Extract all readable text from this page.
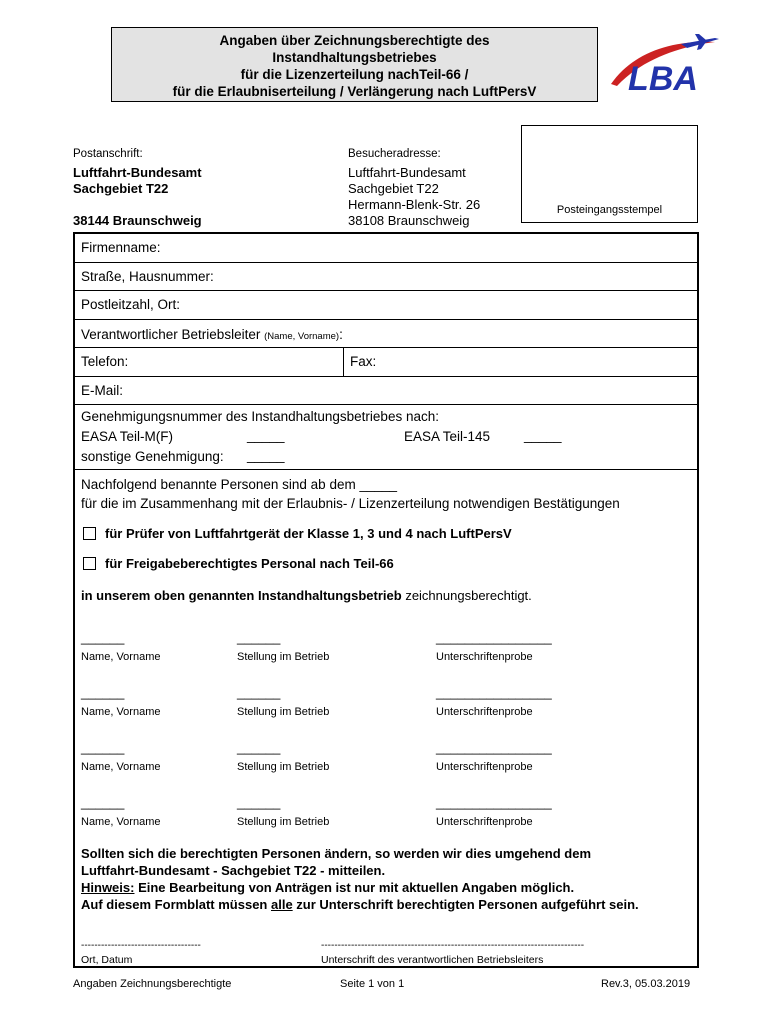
Angaben über Zeichnungsberechtigte des
Instandhaltungsbetriebes
für die Lizenzerteilung nachTeil-66 /
für die Erlaubniserteilung / Verlängerung nach LuftPersV	LBA
Postanschrift:
Luftfahrt-Bundesamt
Sachgebiet T22
38144 Braunschweig
Besucheradresse:
Luftfahrt-Bundesamt
Sachgebiet T22
Hermann-Blenk-Str. 26
38108 Braunschweig
Posteingangsstempel
Firmenname:
Straße, Hausnummer:
Postleitzahl, Ort:
Verantwortlicher Betriebsleiter (Name, Vorname):
Telefon:	Fax:
E-Mail:
Genehmigungsnummer des Instandhaltungsbetriebes nach:
EASA Teil-M(F)	_____	EASA Teil-145	_____
sonstige Genehmigung: _____
Nachfolgend benannte Personen sind ab dem _____
für die im Zusammenhang mit der Erlaubnis- / Lizenzerteilung notwendigen Bestätigungen
für Prüfer von Luftfahrtgerät der Klasse 1, 3 und 4 nach LuftPersV
für Freigabeberechtigtes Personal nach Teil-66
in unserem oben genannten Instandhaltungsbetrieb zeichnungsberechtigt.
______	______	________________
Name, Vorname	Stellung im Betrieb	Unterschriftenprobe
______	______	________________
Name, Vorname	Stellung im Betrieb	Unterschriftenprobe
______	______	________________
Name, Vorname	Stellung im Betrieb	Unterschriftenprobe
______	______	________________
Name, Vorname	Stellung im Betrieb	Unterschriftenprobe
Sollten sich die berechtigten Personen ändern, so werden wir dies umgehend dem
Luftfahrt-Bundesamt - Sachgebiet T22 - mitteilen.
Hinweis: Eine Bearbeitung von Anträgen ist nur mit aktuellen Angaben möglich.
Auf diesem Formblatt müssen alle zur Unterschrift berechtigten Personen aufgeführt sein.
------------------------------------	-------------------------------------------------------------------------------
Ort, Datum	Unterschrift des verantwortlichen Betriebsleiters
Angaben Zeichnungsberechtigte	Seite 1 von 1	Rev.3, 05.03.2019
